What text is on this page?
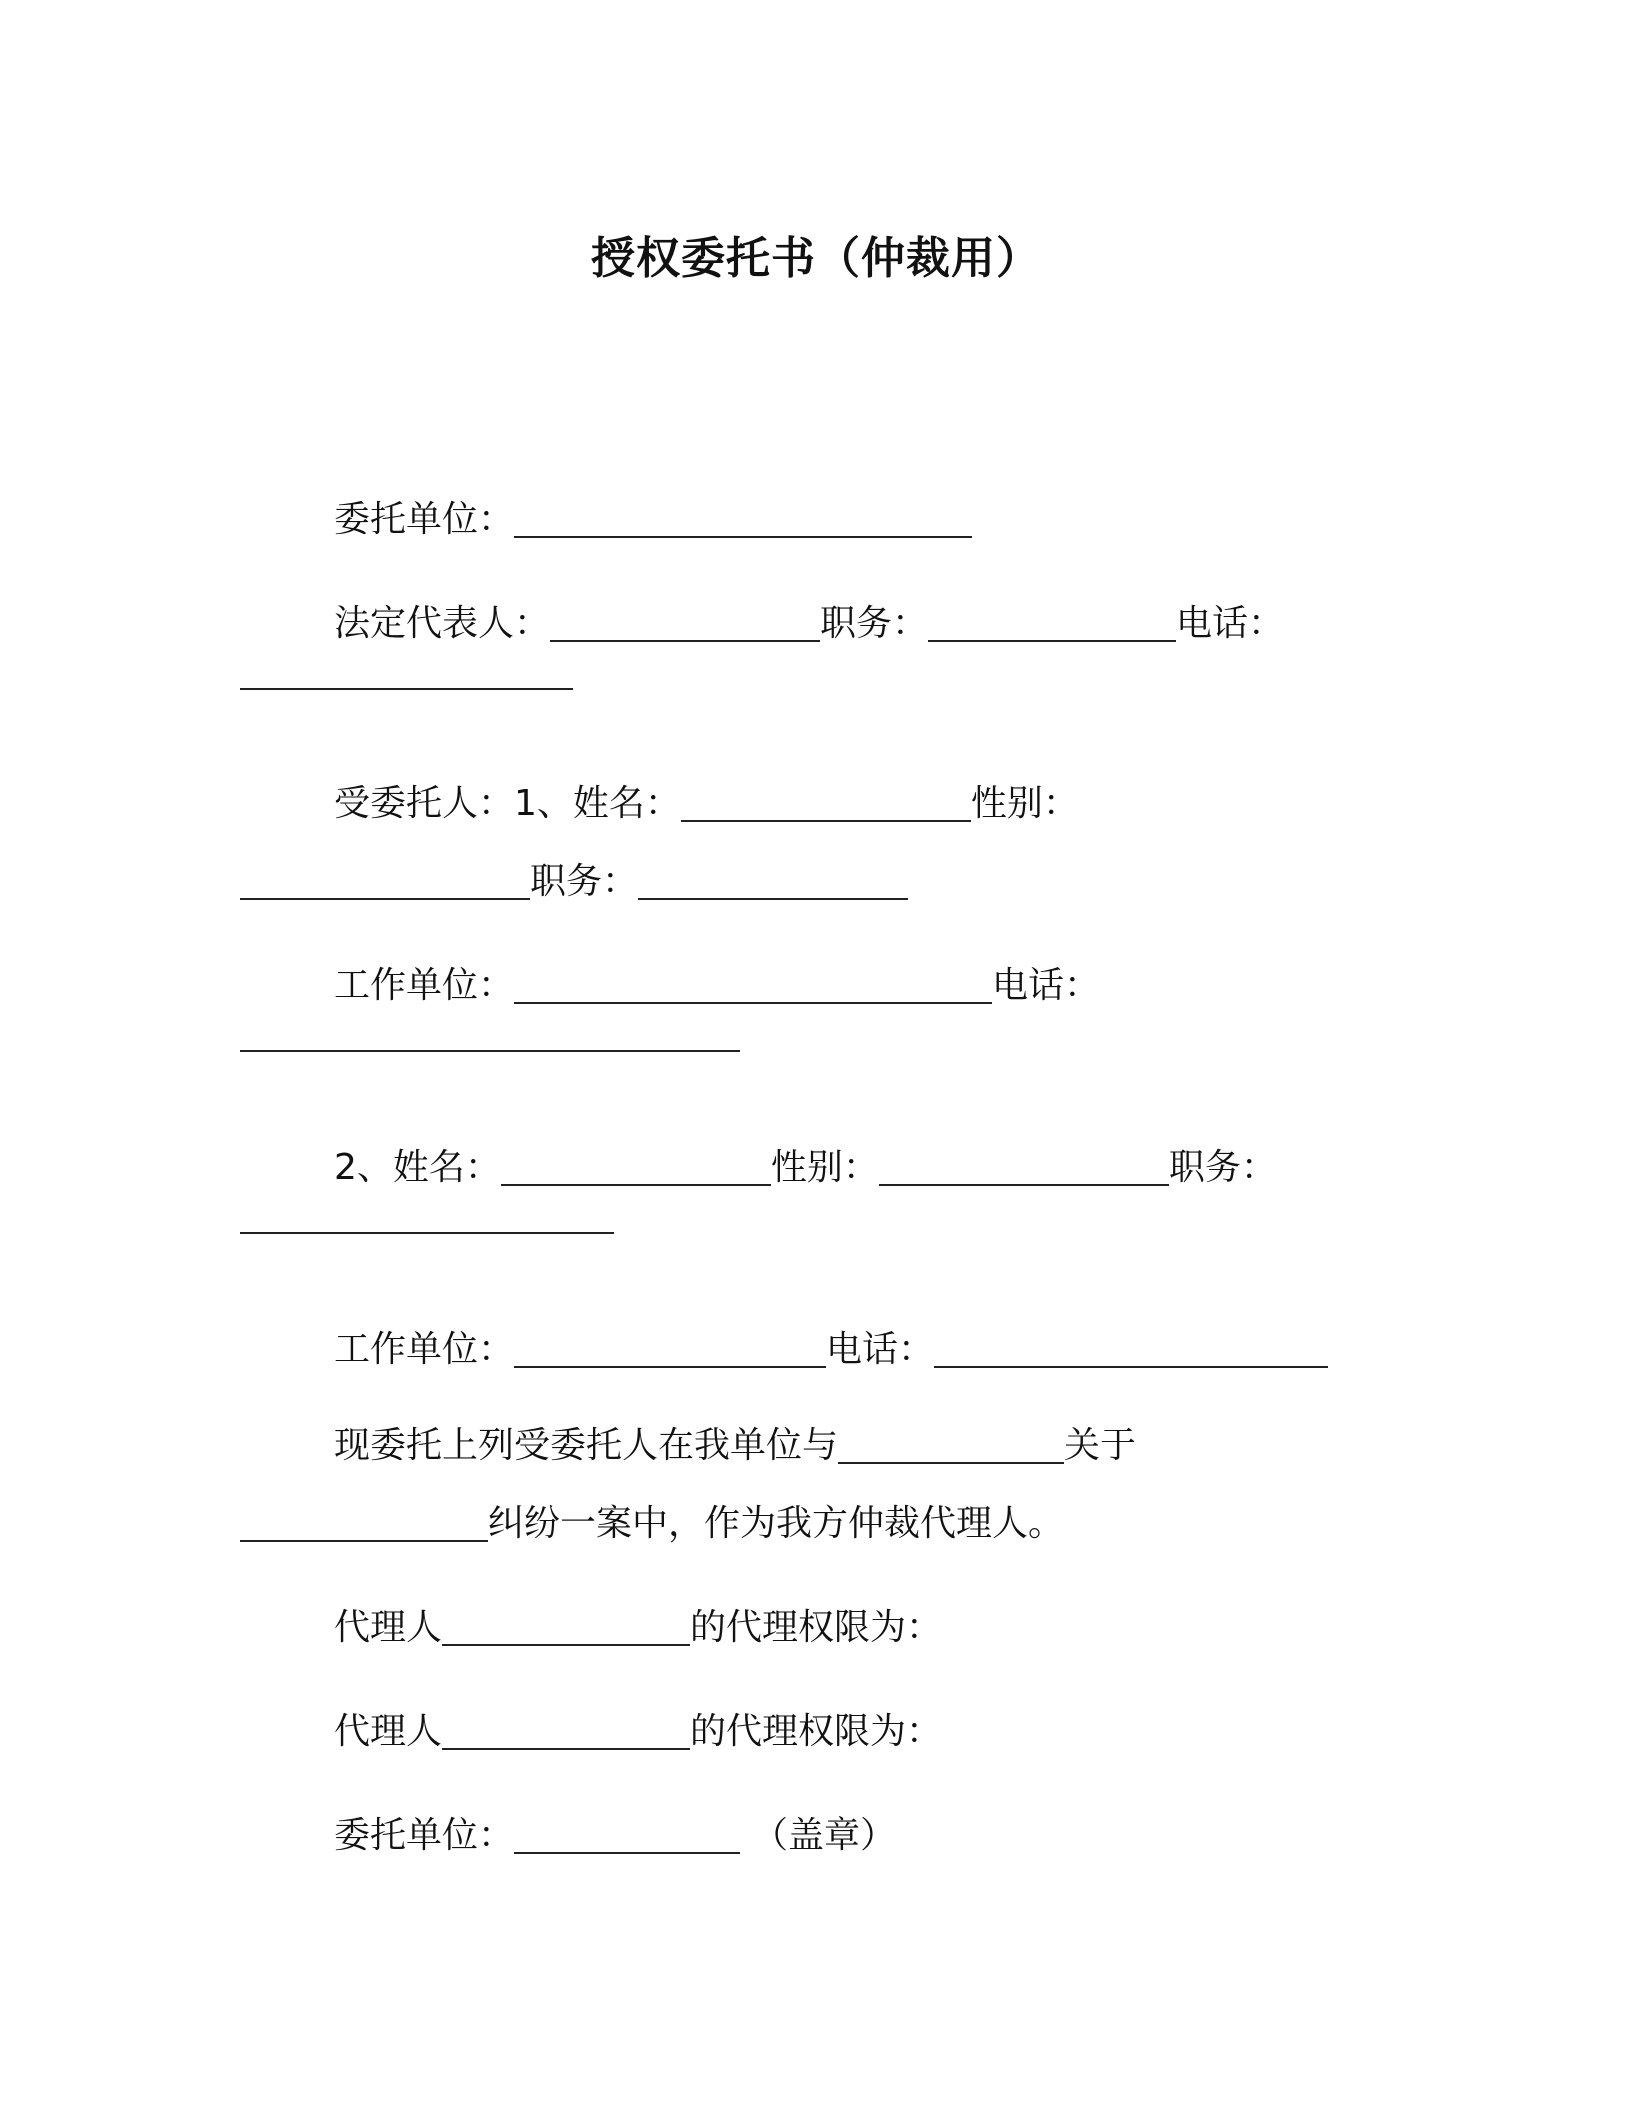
授权委托书（仲裁用）
委托单位：
法定代表人：	职务：	电话：
受委托人： 1、姓名：	性别：
职务：
工作单位：	电话：
2、姓名：	性别：	职务：
工作单位：	电话：
现委托上列受委托人在我单位与	关于
纠纷一案中，作为我方仲裁代理人。
代理人	的代理权限为：
代理人	的代理权限为：
委托单位：	（盖章）
